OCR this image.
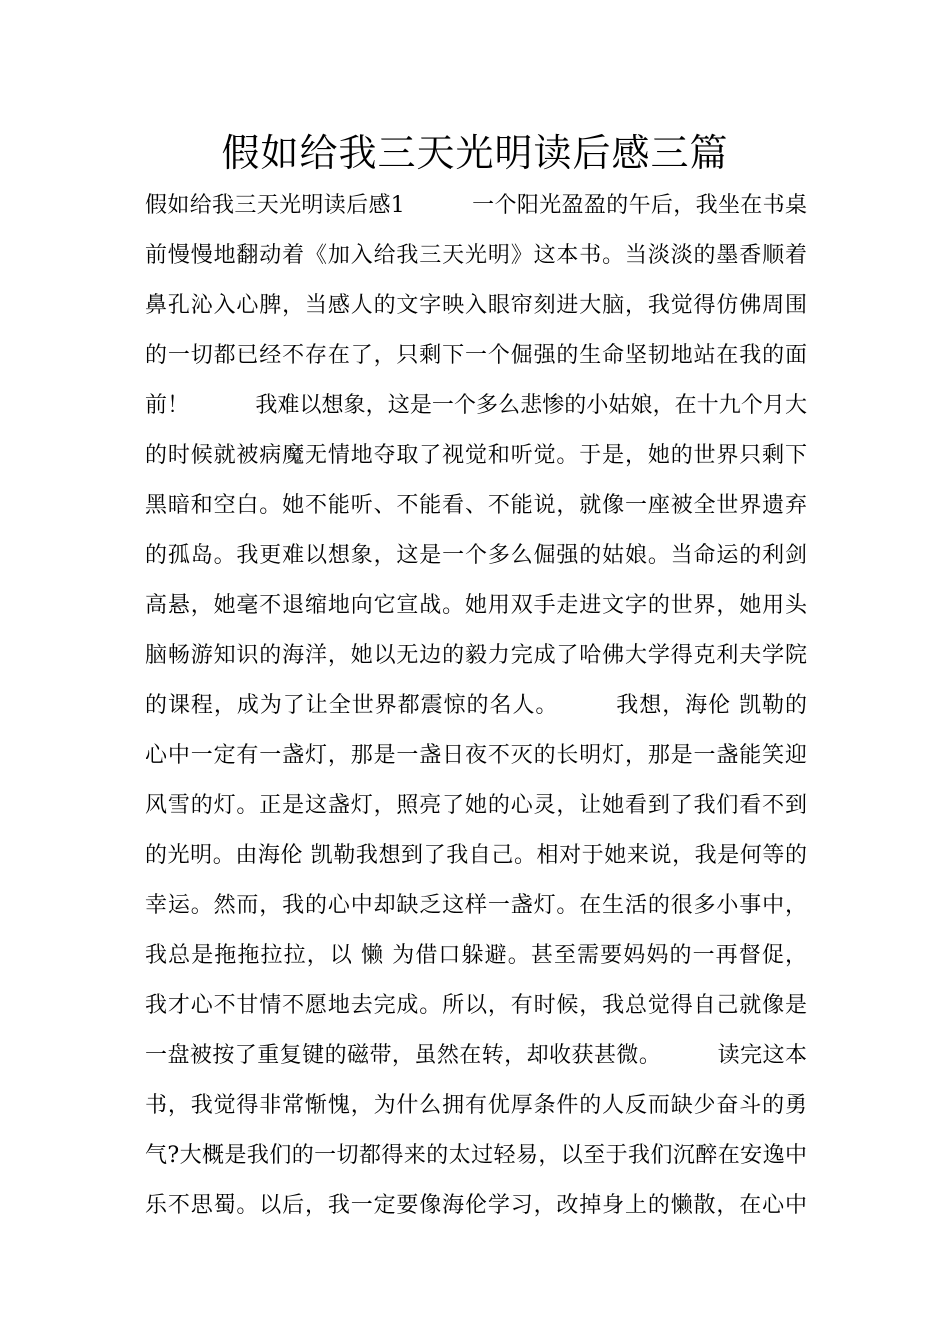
假如给我三天光明读后感三篇
假如给我三天光明读后感1　　　一个阳光盈盈的午后，我坐在书桌
前慢慢地翻动着《加入给我三天光明》这本书。当淡淡的墨香顺着
鼻孔沁入心脾，当感人的文字映入眼帘刻进大脑，我觉得仿佛周围
的一切都已经不存在了，只剩下一个倔强的生命坚韧地站在我的面
前！　　　我难以想象，这是一个多么悲惨的小姑娘，在十九个月大
的时候就被病魔无情地夺取了视觉和听觉。于是，她的世界只剩下
黑暗和空白。她不能听、不能看、不能说，就像一座被全世界遗弃
的孤岛。我更难以想象，这是一个多么倔强的姑娘。当命运的利剑
高悬，她毫不退缩地向它宣战。她用双手走进文字的世界，她用头
脑畅游知识的海洋，她以无边的毅力完成了哈佛大学得克利夫学院
的课程，成为了让全世界都震惊的名人。　　　我想，海伦 凯勒的
心中一定有一盏灯，那是一盏日夜不灭的长明灯，那是一盏能笑迎
风雪的灯。正是这盏灯，照亮了她的心灵，让她看到了我们看不到
的光明。由海伦 凯勒我想到了我自己。相对于她来说，我是何等的
幸运。然而，我的心中却缺乏这样一盏灯。在生活的很多小事中，
我总是拖拖拉拉，以 懒 为借口躲避。甚至需要妈妈的一再督促，
我才心不甘情不愿地去完成。所以，有时候，我总觉得自己就像是
一盘被按了重复键的磁带，虽然在转，却收获甚微。　　　读完这本
书，我觉得非常惭愧，为什么拥有优厚条件的人反而缺少奋斗的勇
气?大概是我们的一切都得来的太过轻易，以至于我们沉醉在安逸中
乐不思蜀。以后，我一定要像海伦学习，改掉身上的懒散，在心中
